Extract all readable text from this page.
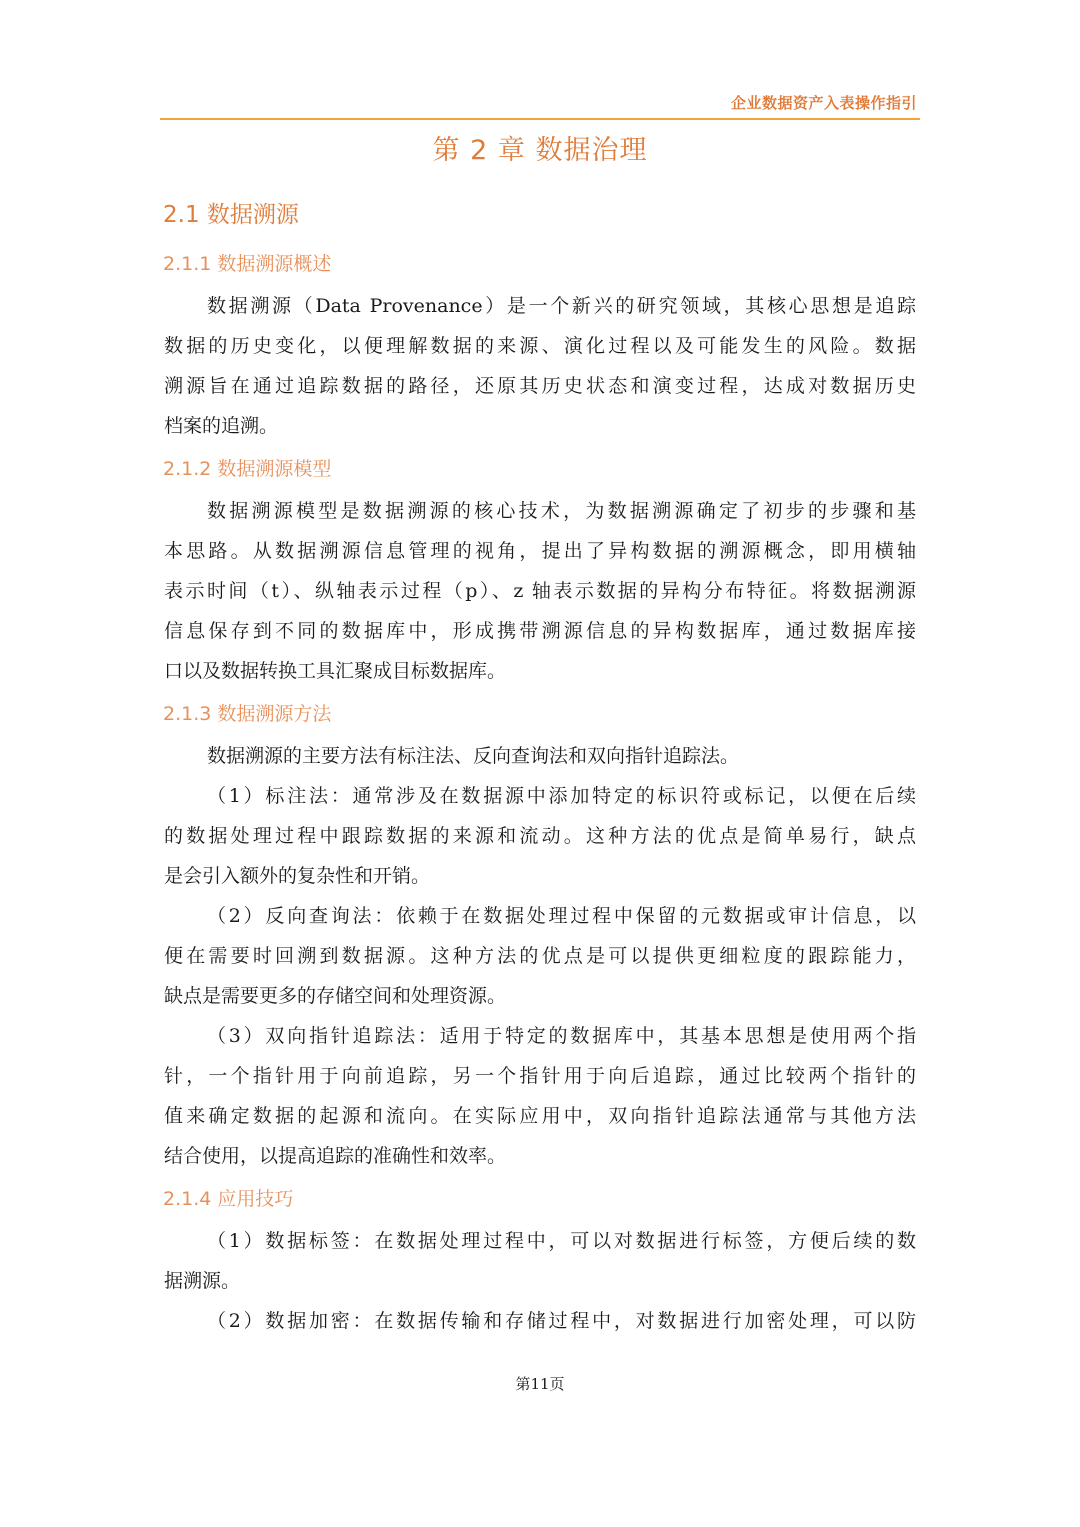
企业数据资产入表操作指引
第 2 章 数据治理
2.1 数据溯源
2.1.1 数据溯源概述
数据溯源（Data Provenance）是一个新兴的研究领域，其核心思想是追踪
数据的历史变化，以便理解数据的来源、演化过程以及可能发生的风险。数据
溯源旨在通过追踪数据的路径，还原其历史状态和演变过程，达成对数据历史
档案的追溯。
2.1.2 数据溯源模型
数据溯源模型是数据溯源的核心技术，为数据溯源确定了初步的步骤和基
本思路。从数据溯源信息管理的视角，提出了异构数据的溯源概念，即用横轴
表示时间（t）、纵轴表示过程（p）、z 轴表示数据的异构分布特征。将数据溯源
信息保存到不同的数据库中，形成携带溯源信息的异构数据库，通过数据库接
口以及数据转换工具汇聚成目标数据库。
2.1.3 数据溯源方法
数据溯源的主要方法有标注法、反向查询法和双向指针追踪法。
（1）标注法：通常涉及在数据源中添加特定的标识符或标记，以便在后续
的数据处理过程中跟踪数据的来源和流动。这种方法的优点是简单易行，缺点
是会引入额外的复杂性和开销。
（2）反向查询法：依赖于在数据处理过程中保留的元数据或审计信息，以
便在需要时回溯到数据源。这种方法的优点是可以提供更细粒度的跟踪能力，
缺点是需要更多的存储空间和处理资源。
（3）双向指针追踪法：适用于特定的数据库中，其基本思想是使用两个指
针，一个指针用于向前追踪，另一个指针用于向后追踪，通过比较两个指针的
值来确定数据的起源和流向。在实际应用中，双向指针追踪法通常与其他方法
结合使用，以提高追踪的准确性和效率。
2.1.4 应用技巧
（1）数据标签：在数据处理过程中，可以对数据进行标签，方便后续的数
据溯源。
（2）数据加密：在数据传输和存储过程中，对数据进行加密处理，可以防
第11页
